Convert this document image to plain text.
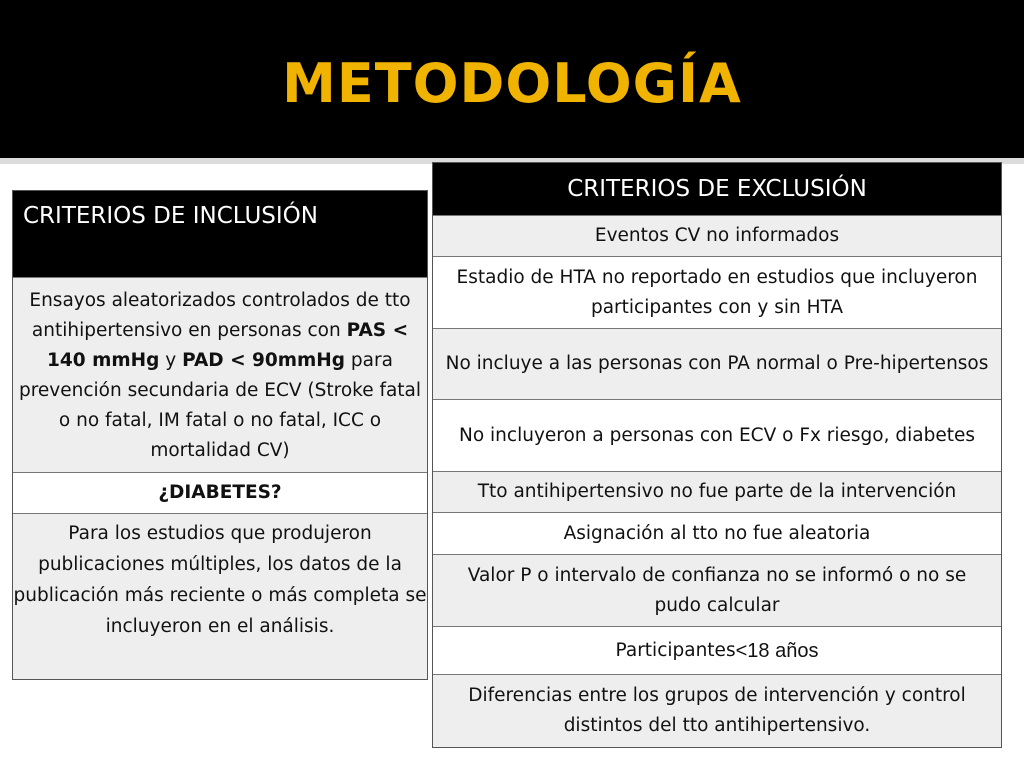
METODOLOGÍA
CRITERIOS DE INCLUSIÓN
Ensayos aleatorizados controlados de tto antihipertensivo en personas con PAS < 140 mmHg y PAD < 90mmHg para prevención secundaria de ECV (Stroke fatal o no fatal, IM fatal o no fatal, ICC o mortalidad CV)
¿DIABETES?
Para los estudios que produjeron publicaciones múltiples, los datos de la publicación más reciente o más completa se incluyeron en el análisis.
CRITERIOS DE EXCLUSIÓN
Eventos CV no informados
Estadio de HTA no reportado en estudios que incluyeron participantes con y sin HTA
No incluye a las personas con PA normal o Pre-hipertensos
No incluyeron a personas con ECV o Fx riesgo, diabetes
Tto antihipertensivo no fue parte de la intervención
Asignación al tto no fue aleatoria
Valor P o intervalo de confianza no se informó o no se pudo calcular
Participantes <18 años
Diferencias entre los grupos de intervención y control distintos del tto antihipertensivo.
